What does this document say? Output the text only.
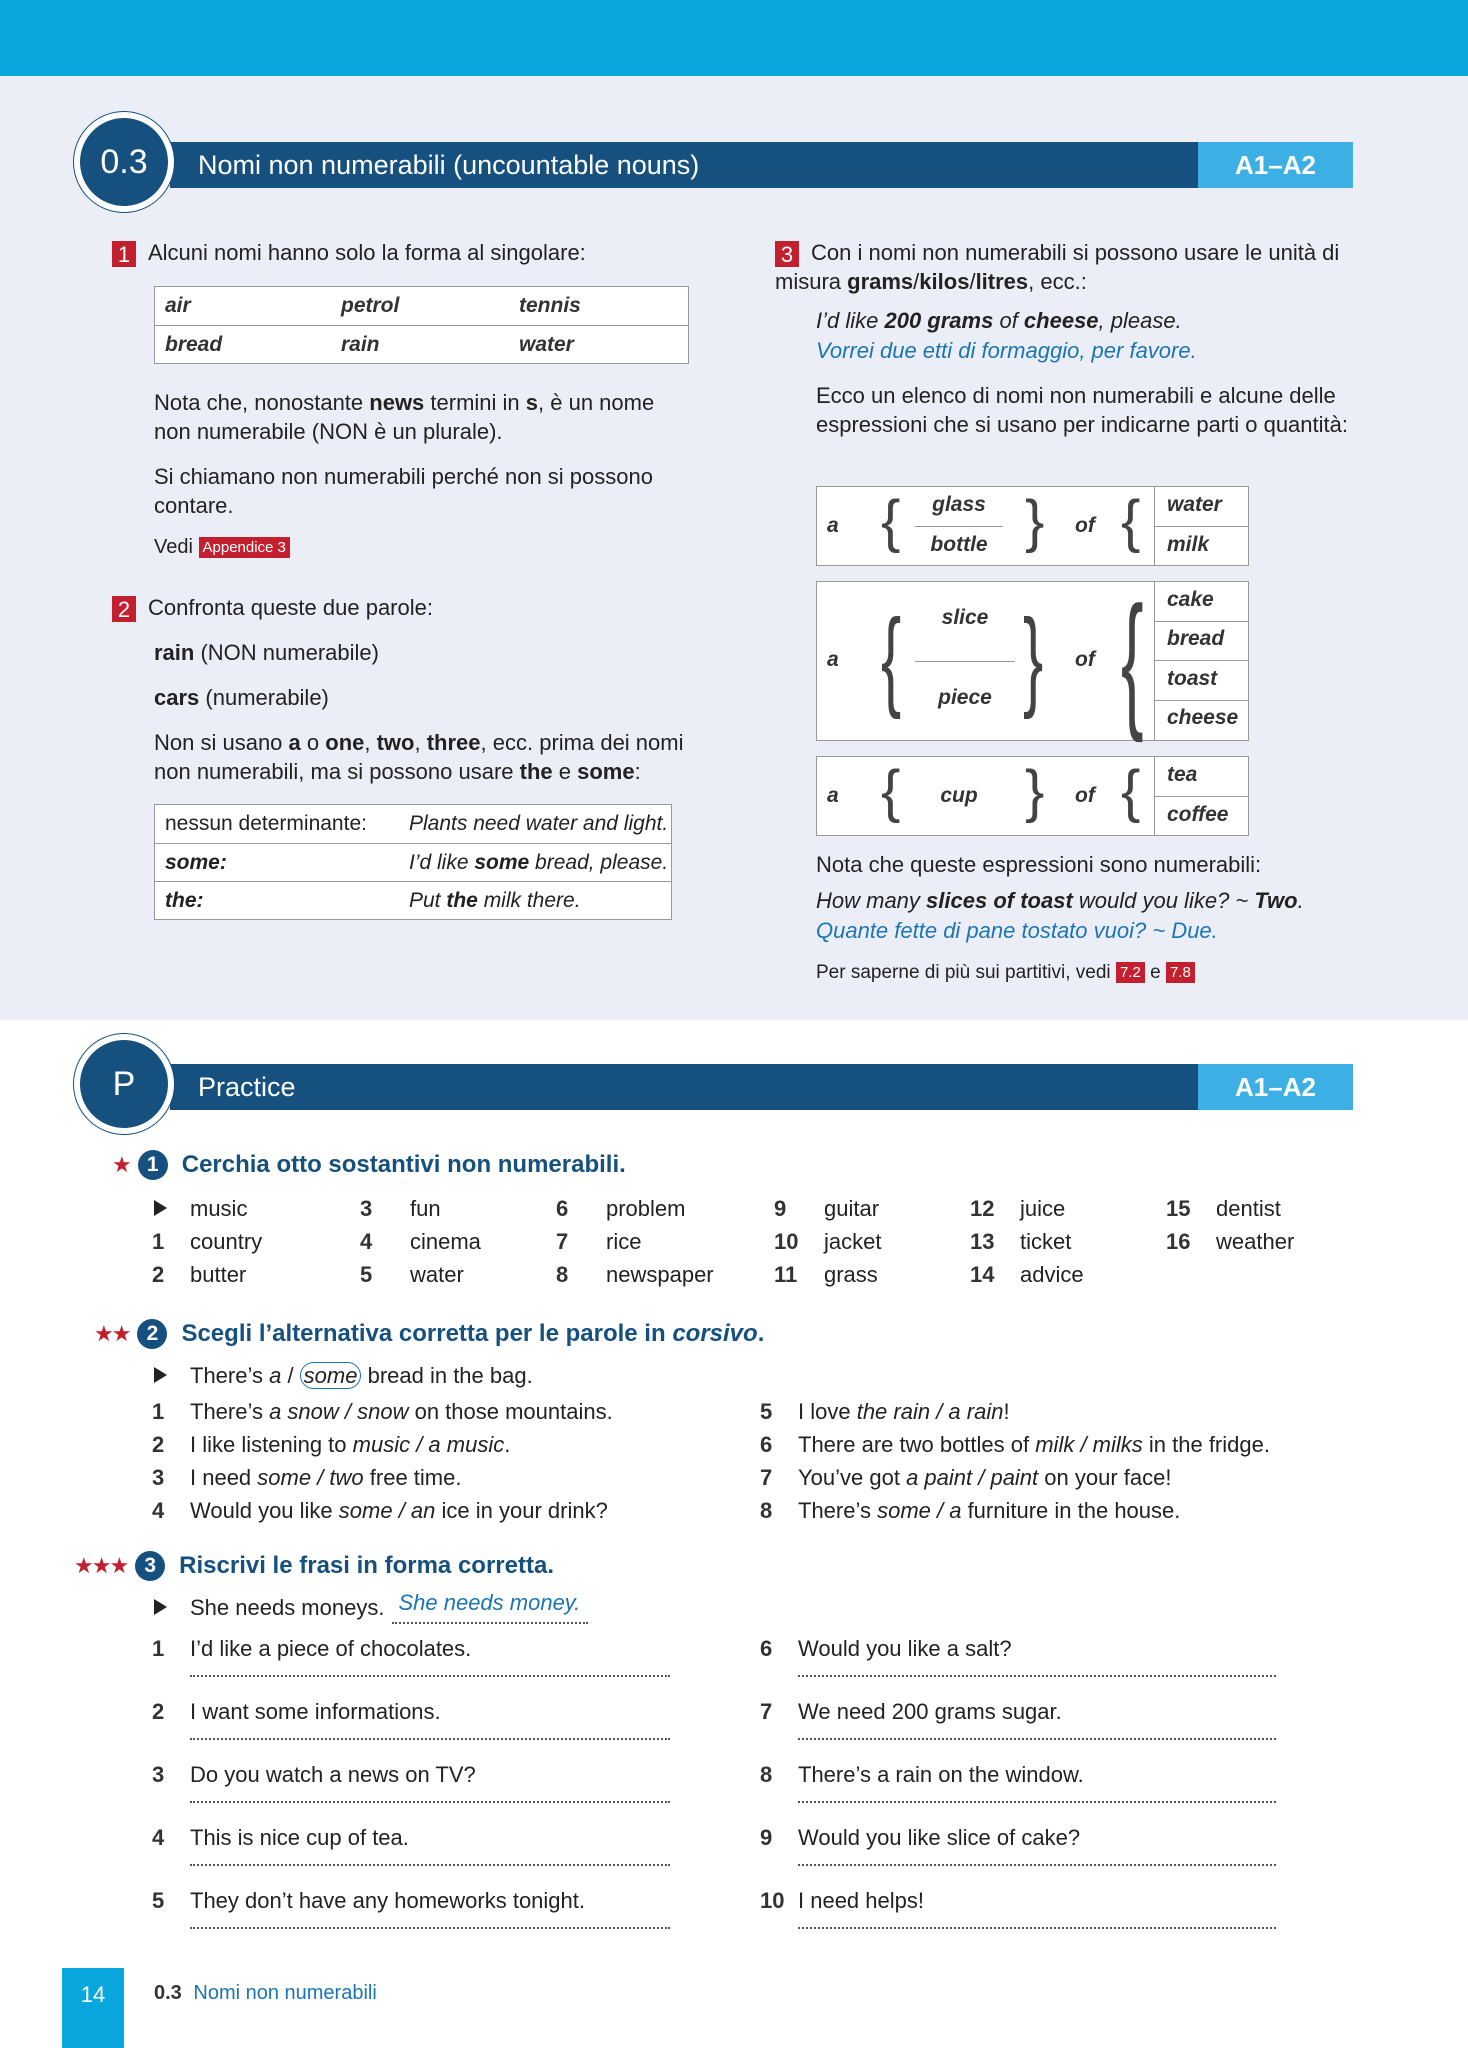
Nomi non numerabili (uncountable nouns)	A1–A2
0.3
1 Alcuni nomi hanno solo la forma al singolare:
air	petrol	tennis
bread	rain	water
Nota che, nonostante news termini in s, è un nome non numerabile (NON è un plurale).
Si chiamano non numerabili perché non si possono contare.
Vedi Appendice 3
2 Confronta queste due parole:
rain (NON numerabile)
cars (numerabile)
Non si usano a o one, two, three, ecc. prima dei nomi non numerabili, ma si possono usare the e some:
nessun determinante:	Plants need water and light.
some:	I’d like some bread, please.
the:	Put the milk there.
3 Con i nomi non numerabili si possono usare le unità di misura grams/kilos/litres, ecc.:
I’d like 200 grams of cheese, please.
Vorrei due etti di formaggio, per favore.
Ecco un elenco di nomi non numerabili e alcune delle espressioni che si usano per indicarne parti o quantità:
a {	glass
bottle } of { water
milk
a {	slice
piece } of { cake
bread
toast
cheese
a {	cup } of { tea
coffee
Nota che queste espressioni sono numerabili:
How many slices of toast would you like? ~ Two.
Quante fette di pane tostato vuoi? ~ Due.
Per saperne di più sui partitivi, vedi 7.2 e 7.8
Practice	A1–A2
P
★ 1 Cerchia otto sostantivi non numerabili.
music
1	country
2	butter
3	fun
4	cinema
5	water
6	problem
7	rice
8	newspaper
9	guitar
10	jacket
11	grass
12	juice
13	ticket
14	advice
15	dentist
16	weather
★★ 2 Scegli l’alternativa corretta per le parole in corsivo.
There’s a / some bread in the bag.
1	There’s a snow / snow on those mountains.
2	I like listening to music / a music.
3	I need some / two free time.
4	Would you like some / an ice in your drink?
5	I love the rain / a rain!
6	There are two bottles of milk / milks in the fridge.
7	You’ve got a paint / paint on your face!
8	There’s some / a furniture in the house.
★★★ 3 Riscrivi le frasi in forma corretta.
She needs moneys. She needs money.
1	I’d like a piece of chocolates.
2	I want some informations.
3	Do you watch a news on TV?
4	This is nice cup of tea.
5	They don’t have any homeworks tonight.
6	Would you like a salt?
7	We need 200 grams sugar.
8	There’s a rain on the window.
9	Would you like slice of cake?
10 I need helps!
14	0.3 Nomi non numerabili
